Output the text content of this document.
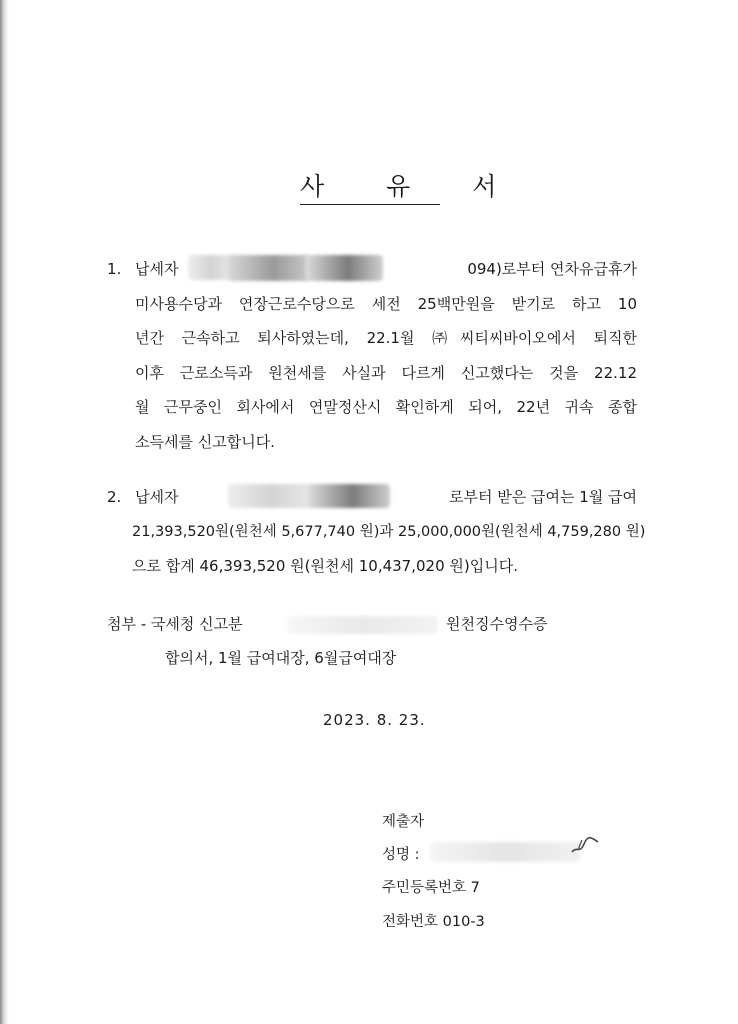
사 유 서
1. 납세자	094)로부터 연차유급휴가
미사용수당과 연장근로수당으로 세전 25백만원을 받기로 하고 10
년간 근속하고 퇴사하였는데, 22.1월 ㈜씨티씨바이오에서 퇴직한
이후 근로소득과 원천세를 사실과 다르게 신고했다는 것을 22.12
월 근무중인 회사에서 연말정산시 확인하게 되어, 22년 귀속 종합
소득세를 신고합니다.
2. 납세자	로부터 받은 급여는 1월 급여
21,393,520원(원천세 5,677,740 원)과 25,000,000원(원천세 4,759,280 원)
으로 합계 46,393,520 원(원천세 10,437,020 원)입니다.
첨부 - 국세청 신고분	원천징수영수증
합의서, 1월 급여대장, 6월급여대장
2023. 8. 23.
제출자
성명 :
주민등록번호 7
전화번호 010-3
